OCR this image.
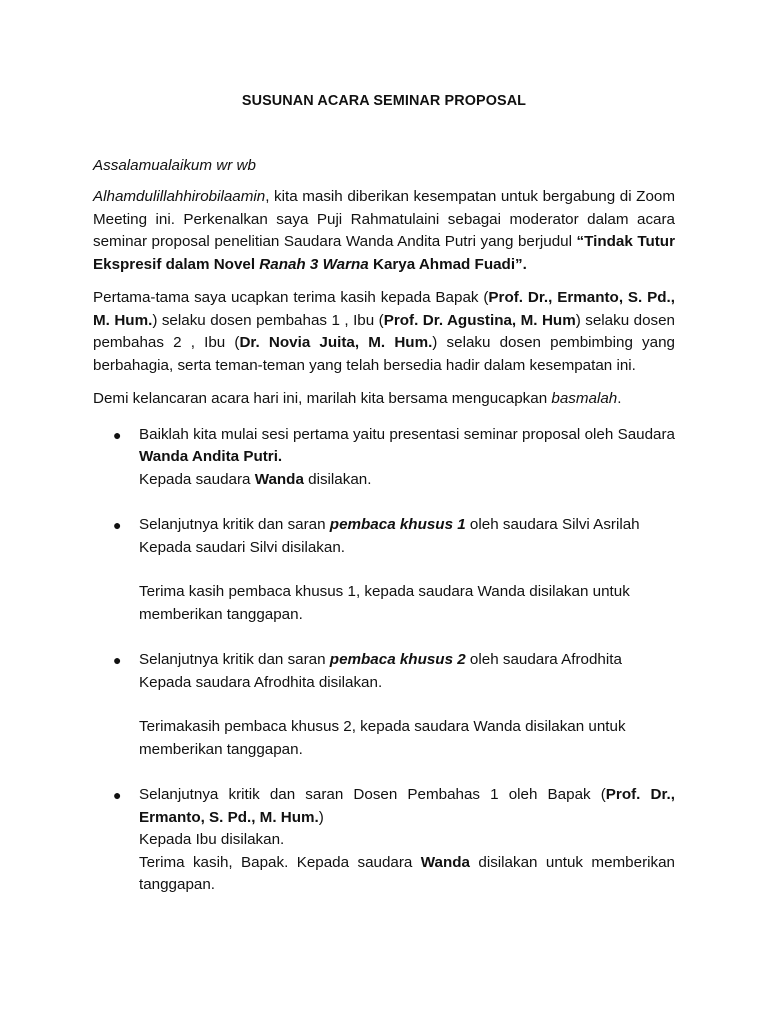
SUSUNAN ACARA SEMINAR PROPOSAL

Assalamualaikum wr wb

Alhamdulillahhirobilaamin, kita masih diberikan kesempatan untuk bergabung di Zoom Meeting ini. Perkenalkan saya Puji Rahmatulaini sebagai moderator dalam acara seminar proposal penelitian Saudara Wanda Andita Putri yang berjudul “Tindak Tutur Ekspresif dalam Novel Ranah 3 Warna Karya Ahmad Fuadi”.

Pertama-tama saya ucapkan terima kasih kepada Bapak (Prof. Dr., Ermanto, S. Pd., M. Hum.) selaku dosen pembahas 1 , Ibu (Prof. Dr. Agustina, M. Hum) selaku dosen pembahas 2 , Ibu (Dr. Novia Juita, M. Hum.) selaku dosen pembimbing yang berbahagia, serta teman-teman yang telah bersedia hadir dalam kesempatan ini.

Demi kelancaran acara hari ini, marilah kita bersama mengucapkan basmalah.

● Baiklah kita mulai sesi pertama yaitu presentasi seminar proposal oleh Saudara Wanda Andita Putri.
Kepada saudara Wanda disilakan.
● Selanjutnya kritik dan saran pembaca khusus 1 oleh saudara Silvi Asrilah
Kepada saudari Silvi disilakan.
Terima kasih pembaca khusus 1, kepada saudara Wanda disilakan untuk memberikan tanggapan.
● Selanjutnya kritik dan saran pembaca khusus 2 oleh saudara Afrodhita
Kepada saudara Afrodhita disilakan.
Terimakasih pembaca khusus 2, kepada saudara Wanda disilakan untuk memberikan tanggapan.
● Selanjutnya kritik dan saran Dosen Pembahas 1 oleh Bapak (Prof. Dr., Ermanto, S. Pd., M. Hum.)
Kepada Ibu disilakan.
Terima kasih, Bapak. Kepada saudara Wanda disilakan untuk memberikan tanggapan.
